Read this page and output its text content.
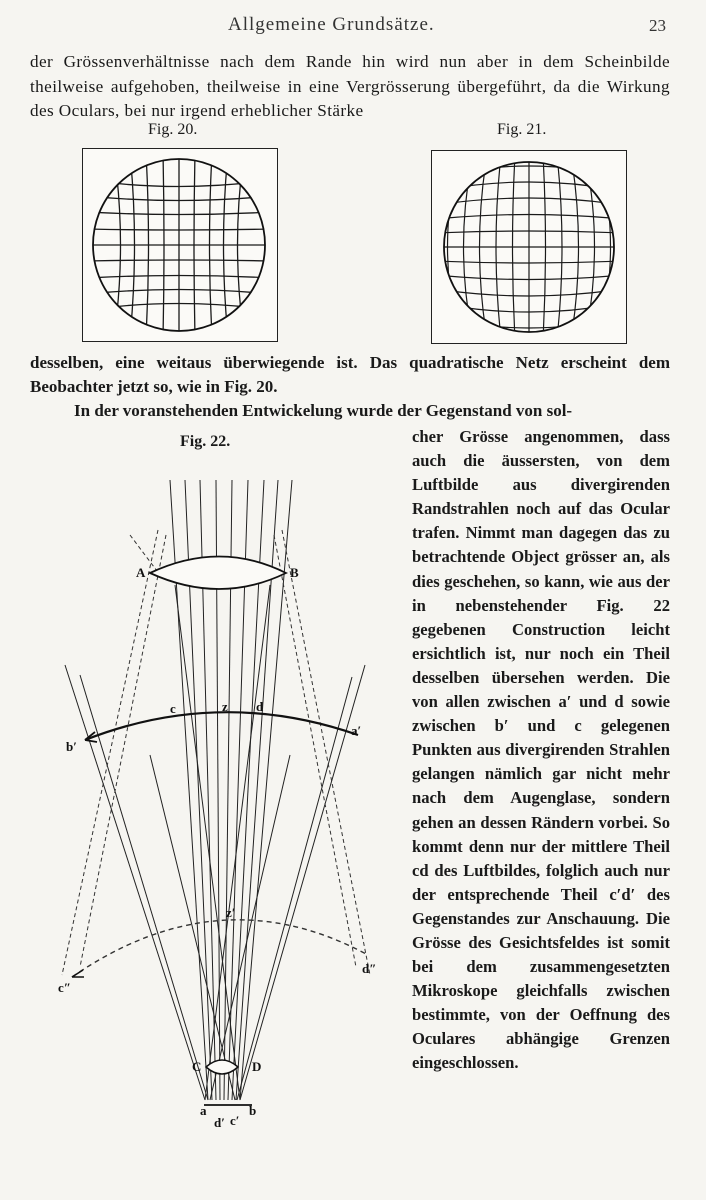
Allgemeine Grundsätze.	23

der Grössenverhältnisse nach dem Rande hin wird nun aber in dem Scheinbilde theilweise aufgehoben, theilweise in eine Vergrösserung übergeführt, da die Wirkung des Oculars, bei nur irgend erheblicher Stärke

Fig. 20.	Fig. 21.
desselben, eine weitaus überwiegende ist. Das quadratische Netz erscheint dem Beobachter jetzt so, wie in Fig. 20.
In der voranstehenden Entwickelung wurde der Gegenstand von sol-
Fig. 22.
A	B
c	z d
a′
b′
z′
c″
d″
C	D
a	b
d′ c′

cher Grösse angenommen, dass auch die äussersten, von dem Luftbilde aus divergirenden Randstrahlen noch auf das Ocular trafen. Nimmt man dagegen das zu betrachtende Object grösser an, als dies geschehen, so kann, wie aus der in nebenstehender Fig. 22 gegebenen Construction leicht ersichtlich ist, nur noch ein Theil desselben übersehen werden. Die von allen zwischen a′ und d sowie zwischen b′ und c gelegenen Punkten aus divergirenden Strahlen gelangen nämlich gar nicht mehr nach dem Augenglase, sondern gehen an dessen Rändern vorbei. So kommt denn nur der mittlere Theil cd des Luftbildes, folglich auch nur der entsprechende Theil c′d′ des Gegenstandes zur Anschauung. Die Grösse des Gesichtsfeldes ist somit bei dem zusammengesetzten Mikroskope gleichfalls zwischen bestimmte, von der Oeffnung des Oculares abhängige Grenzen eingeschlossen.
